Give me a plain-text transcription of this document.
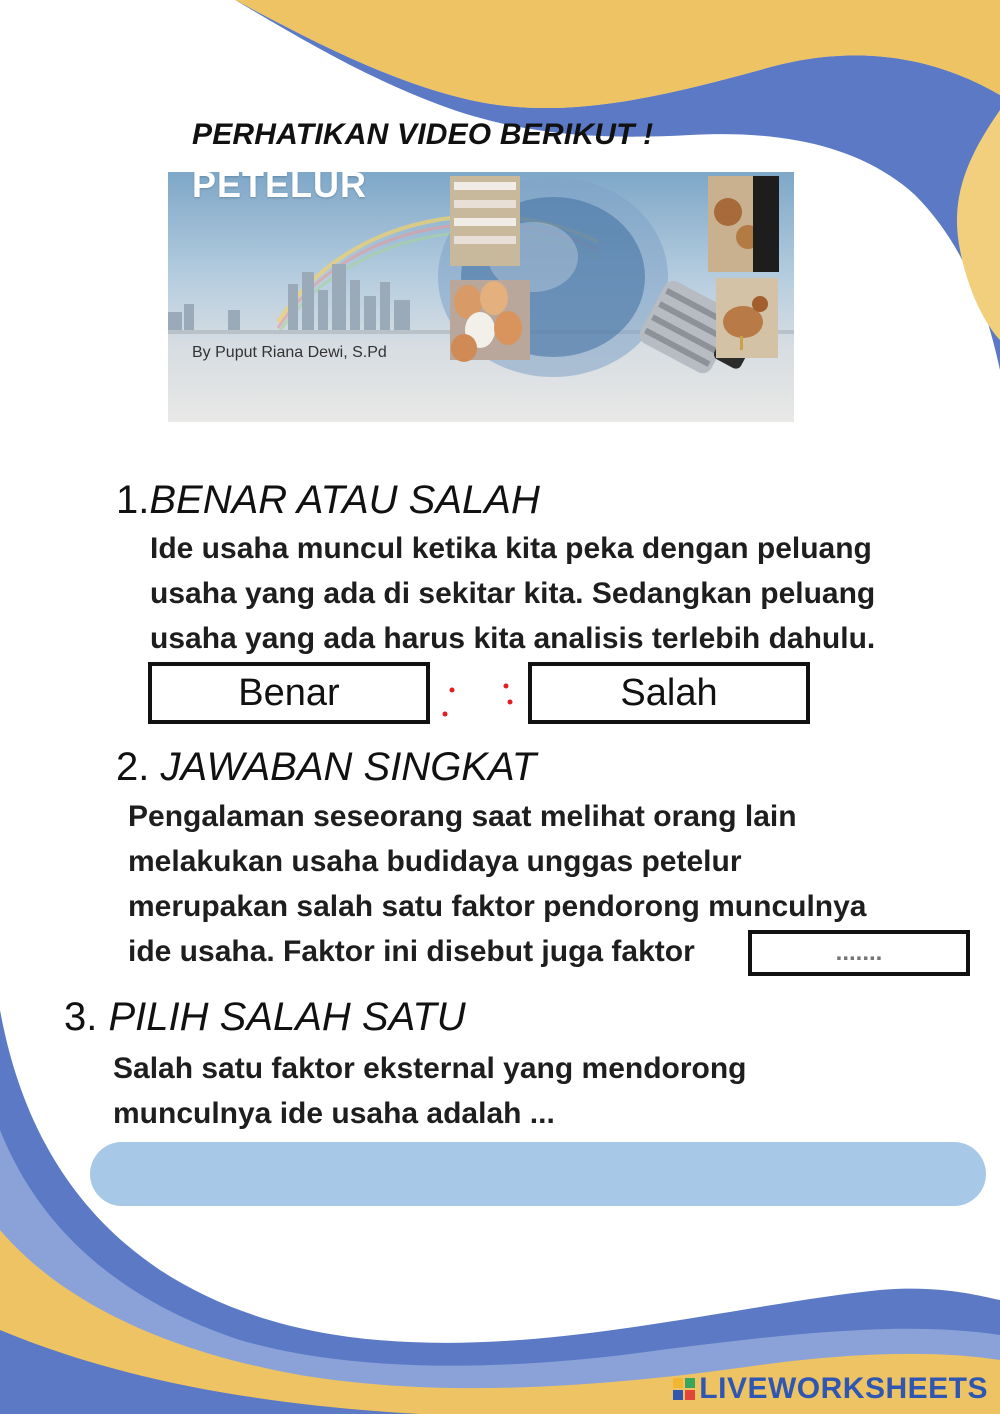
PERHATIKAN VIDEO BERIKUT !
PETELUR
By Puput Riana Dewi, S.Pd
1.BENAR ATAU SALAH
Ide usaha muncul ketika kita peka dengan peluang
usaha yang ada di sekitar kita. Sedangkan peluang
usaha yang ada harus kita analisis terlebih dahulu.
Benar	Salah
2. JAWABAN SINGKAT
Pengalaman seseorang saat melihat orang lain
melakukan usaha budidaya unggas petelur
merupakan salah satu faktor pendorong munculnya
ide usaha. Faktor ini disebut juga faktor
.......
3. PILIH SALAH SATU
Salah satu faktor eksternal yang mendorong
munculnya ide usaha adalah ...
LIVEWORKSHEETS
